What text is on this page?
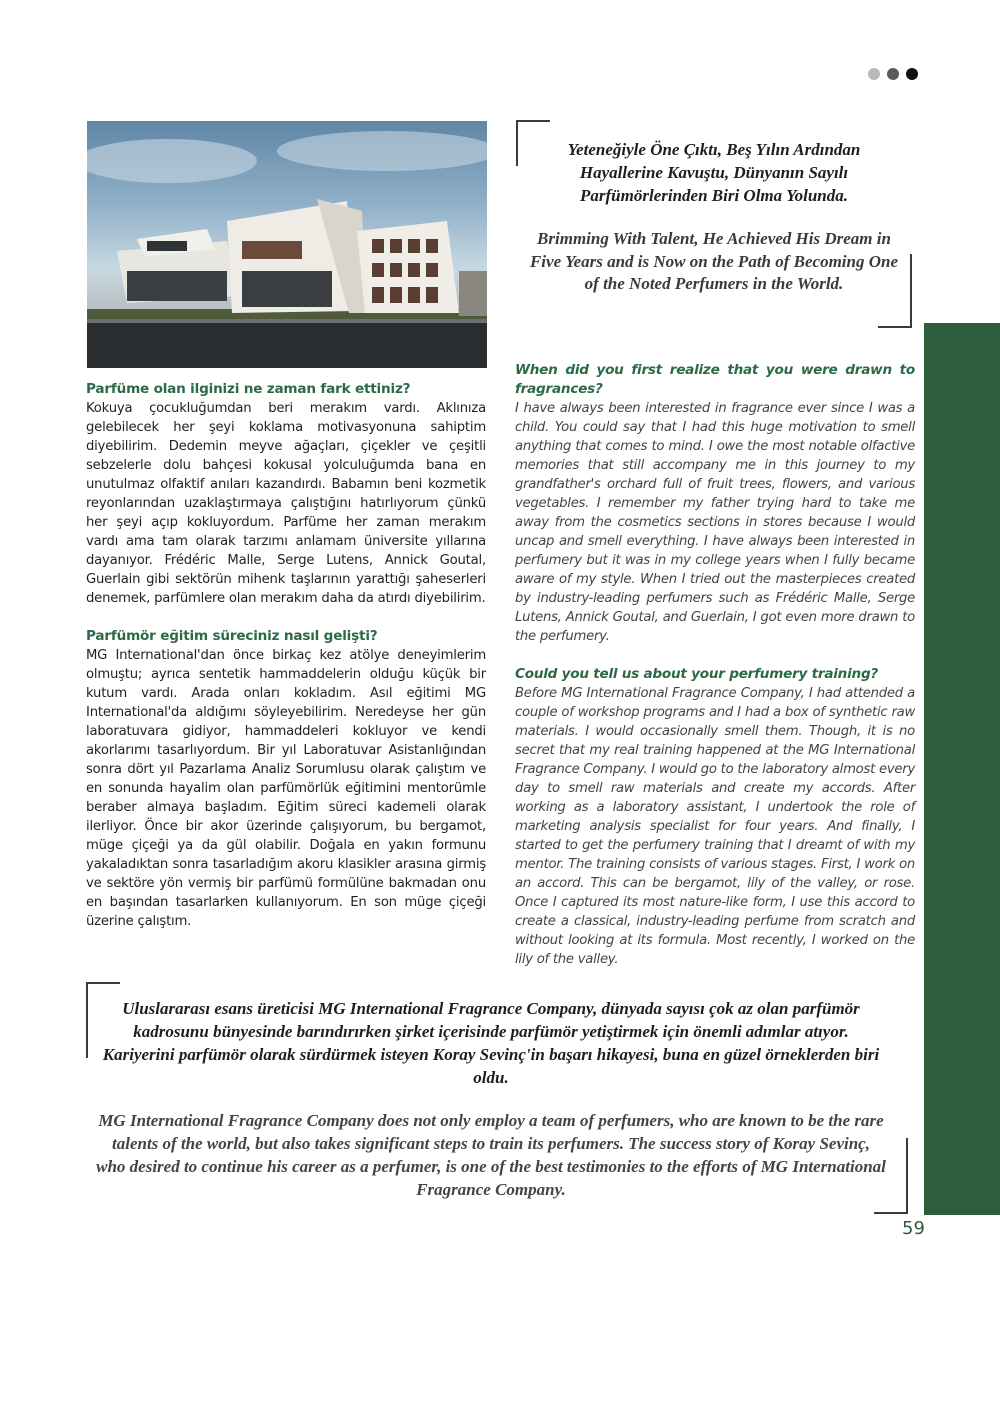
Yeteneğiyle Öne Çıktı, Beş Yılın Ardından Hayallerine Kavuştu, Dünyanın Sayılı Parfümörlerinden Biri Olma Yolunda.

Brimming With Talent, He Achieved His Dream in Five Years and is Now on the Path of Becoming One of the Noted Perfumers in the World.

Parfüme olan ilginizi ne zaman fark ettiniz?

Kokuya çocukluğumdan beri merakım vardı. Aklınıza gelebilecek her şeyi koklama motivasyonuna sahiptim diyebilirim. Dedemin meyve ağaçları, çiçekler ve çeşitli sebzelerle dolu bahçesi kokusal yolculuğumda bana en unutulmaz olfaktif anıları kazandırdı. Babamın beni kozmetik reyonlarından uzaklaştırmaya çalıştığını hatırlıyorum çünkü her şeyi açıp kokluyordum. Parfüme her zaman merakım vardı ama tam olarak tarzımı anlamam üniversite yıllarına dayanıyor. Frédéric Malle, Serge Lutens, Annick Goutal, Guerlain gibi sektörün mihenk taşlarının yarattığı şaheserleri denemek, parfümlere olan merakım daha da atırdı diyebilirim.

Parfümör eğitim süreciniz nasıl gelişti?

MG International'dan önce birkaç kez atölye deneyimlerim olmuştu; ayrıca sentetik hammaddelerin olduğu küçük bir kutum vardı. Arada onları kokladım. Asıl eğitimi MG International'da aldığımı söyleyebilirim. Neredeyse her gün laboratuvara gidiyor, hammaddeleri kokluyor ve kendi akorlarımı tasarlıyordum. Bir yıl Laboratuvar Asistanlığından sonra dört yıl Pazarlama Analiz Sorumlusu olarak çalıştım ve en sonunda hayalim olan parfümörlük eğitimini mentorümle beraber almaya başladım. Eğitim süreci kademeli olarak ilerliyor. Önce bir akor üzerinde çalışıyorum, bu bergamot, müge çiçeği ya da gül olabilir. Doğala en yakın formunu yakaladıktan sonra tasarladığım akoru klasikler arasına girmiş ve sektöre yön vermiş bir parfümü formülüne bakmadan onu en başından tasarlarken kullanıyorum. En son müge çiçeği üzerine çalıştım.

When did you first realize that you were drawn to fragrances?

I have always been interested in fragrance ever since I was a child. You could say that I had this huge motivation to smell anything that comes to mind. I owe the most notable olfactive memories that still accompany me in this journey to my grandfather's orchard full of fruit trees, flowers, and various vegetables. I remember my father trying hard to take me away from the cosmetics sections in stores because I would uncap and smell everything. I have always been interested in perfumery but it was in my college years when I fully became aware of my style. When I tried out the masterpieces created by industry-leading perfumers such as Frédéric Malle, Serge Lutens, Annick Goutal, and Guerlain, I got even more drawn to the perfumery.

Could you tell us about your perfumery training?

Before MG International Fragrance Company, I had attended a couple of workshop programs and I had a box of synthetic raw materials. I would occasionally smell them. Though, it is no secret that my real training happened at the MG International Fragrance Company. I would go to the laboratory almost every day to smell raw materials and create my accords. After working as a laboratory assistant, I undertook the role of marketing analysis specialist for four years. And finally, I started to get the perfumery training that I dreamt of with my mentor. The training consists of various stages. First, I work on an accord. This can be bergamot, lily of the valley, or rose. Once I captured its most nature-like form, I use this accord to create a classical, industry-leading perfume from scratch and without looking at its formula. Most recently, I worked on the lily of the valley.

Uluslararası esans üreticisi MG International Fragrance Company, dünyada sayısı çok az olan parfümör kadrosunu bünyesinde barındırırken şirket içerisinde parfümör yetiştirmek için önemli adımlar atıyor. Kariyerini parfümör olarak sürdürmek isteyen Koray Sevinç'in başarı hikayesi, buna en güzel örneklerden biri oldu.

MG International Fragrance Company does not only employ a team of perfumers, who are known to be the rare talents of the world, but also takes significant steps to train its perfumers. The success story of Koray Sevinç, who desired to continue his career as a perfumer, is one of the best testimonies to the efforts of MG International Fragrance Company.

59
